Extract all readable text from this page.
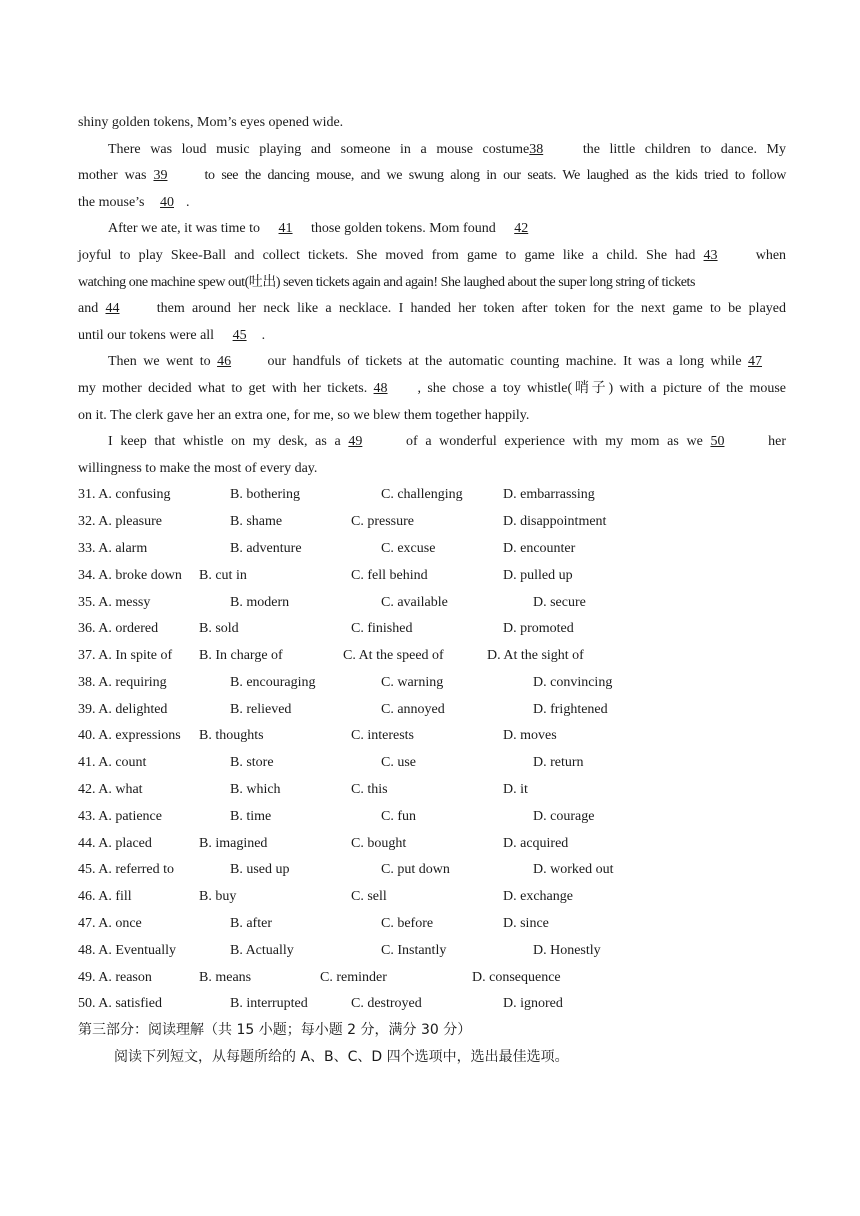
shiny golden tokens, Mom’s eyes opened wide.
There was loud music playing and someone in a mouse costume38	the little children to dance. My
mother was 39	to see the dancing mouse, and we swung along in our seats. We laughed as the kids tried to follow
the mouse’s 40 .
After we ate, it was time to 41 those golden tokens. Mom found 42
joyful to play Skee-Ball and collect tickets. She moved from game to game like a child. She had 43	when
watching one machine spew out(吐出) seven tickets again and again! She laughed about the super long string of tickets
and 44	them around her neck like a necklace. I handed her token after token for the next game to be played
until our tokens were all 45 .
Then we went to 46	our handfuls of tickets at the automatic counting machine. It was a long while 47
my mother decided what to get with her tickets. 48 , she chose a toy whistle(哨子) with a picture of the mouse
on it. The clerk gave her an extra one, for me, so we blew them together happily.
I keep that whistle on my desk, as a 49	of a wonderful experience with my mom as we 50	her
willingness to make the most of every day.
31. A. confusing	B. bothering	C. challenging	D. embarrassing
32. A. pleasure	B. shame	C. pressure	D. disappointment
33. A. alarm	B. adventure	C. excuse	D. encounter
34. A. broke down B. cut in	C. fell behind	D. pulled up
35. A. messy	B. modern	C. available	D. secure
36. A. ordered	B. sold	C. finished	D. promoted
37. A. In spite of B. In charge of	C. At the speed of	D. At the sight of
38. A. requiring	B. encouraging	C. warning	D. convincing
39. A. delighted	B. relieved	C. annoyed	D. frightened
40. A. expressions B. thoughts	C. interests	D. moves
41. A. count	B. store	C. use	D. return
42. A. what	B. which	C. this	D. it
43. A. patience	B. time	C. fun	D. courage
44. A. placed	B. imagined	C. bought	D. acquired
45. A. referred to	B. used up	C. put down	D. worked out
46. A. fill	B. buy	C. sell	D. exchange
47. A. once	B. after	C. before	D. since
48. A. Eventually	B. Actually	C. Instantly	D. Honestly
49. A. reason	B. means	C. reminder	D. consequence
50. A. satisfied	B. interrupted	C. destroyed	D. ignored
第三部分：阅读理解（共 15 小题；每小题 2 分，满分 30 分）
阅读下列短文，从每题所给的 A、B、C、D 四个选项中，选出最佳选项。
